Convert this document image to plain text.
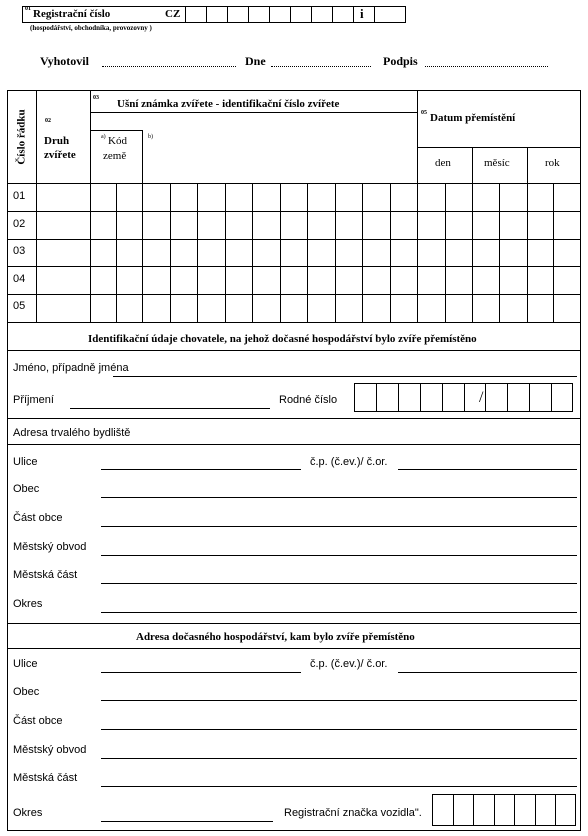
01 Registrační číslo	CZ	i
(hospodářství, obchodníka, provozovny )
Vyhotovil	Dne	Podpis
Číslo řádku	02
Druh
zvířete
03 Ušní známka zvířete - identifikační číslo zvířete
a) Kód
země
b)
05 Datum přemístění
den	měsíc	rok
01
02
03
04
05
Identifikační údaje chovatele, na jehož dočasné hospodářství bylo zvíře přemístěno
Jméno, případně jména
Příjmení	Rodné číslo	/
Adresa trvalého bydliště
Ulice	č.p. (č.ev.)/ č.or.
Obec
Část obce
Městský obvod
Městská část
Okres
Adresa dočasného hospodářství, kam bylo zvíře přemístěno
Ulice	č.p. (č.ev.)/ č.or.
Obec
Část obce
Městský obvod
Městská část
Okres	Registrační značka vozidla".
